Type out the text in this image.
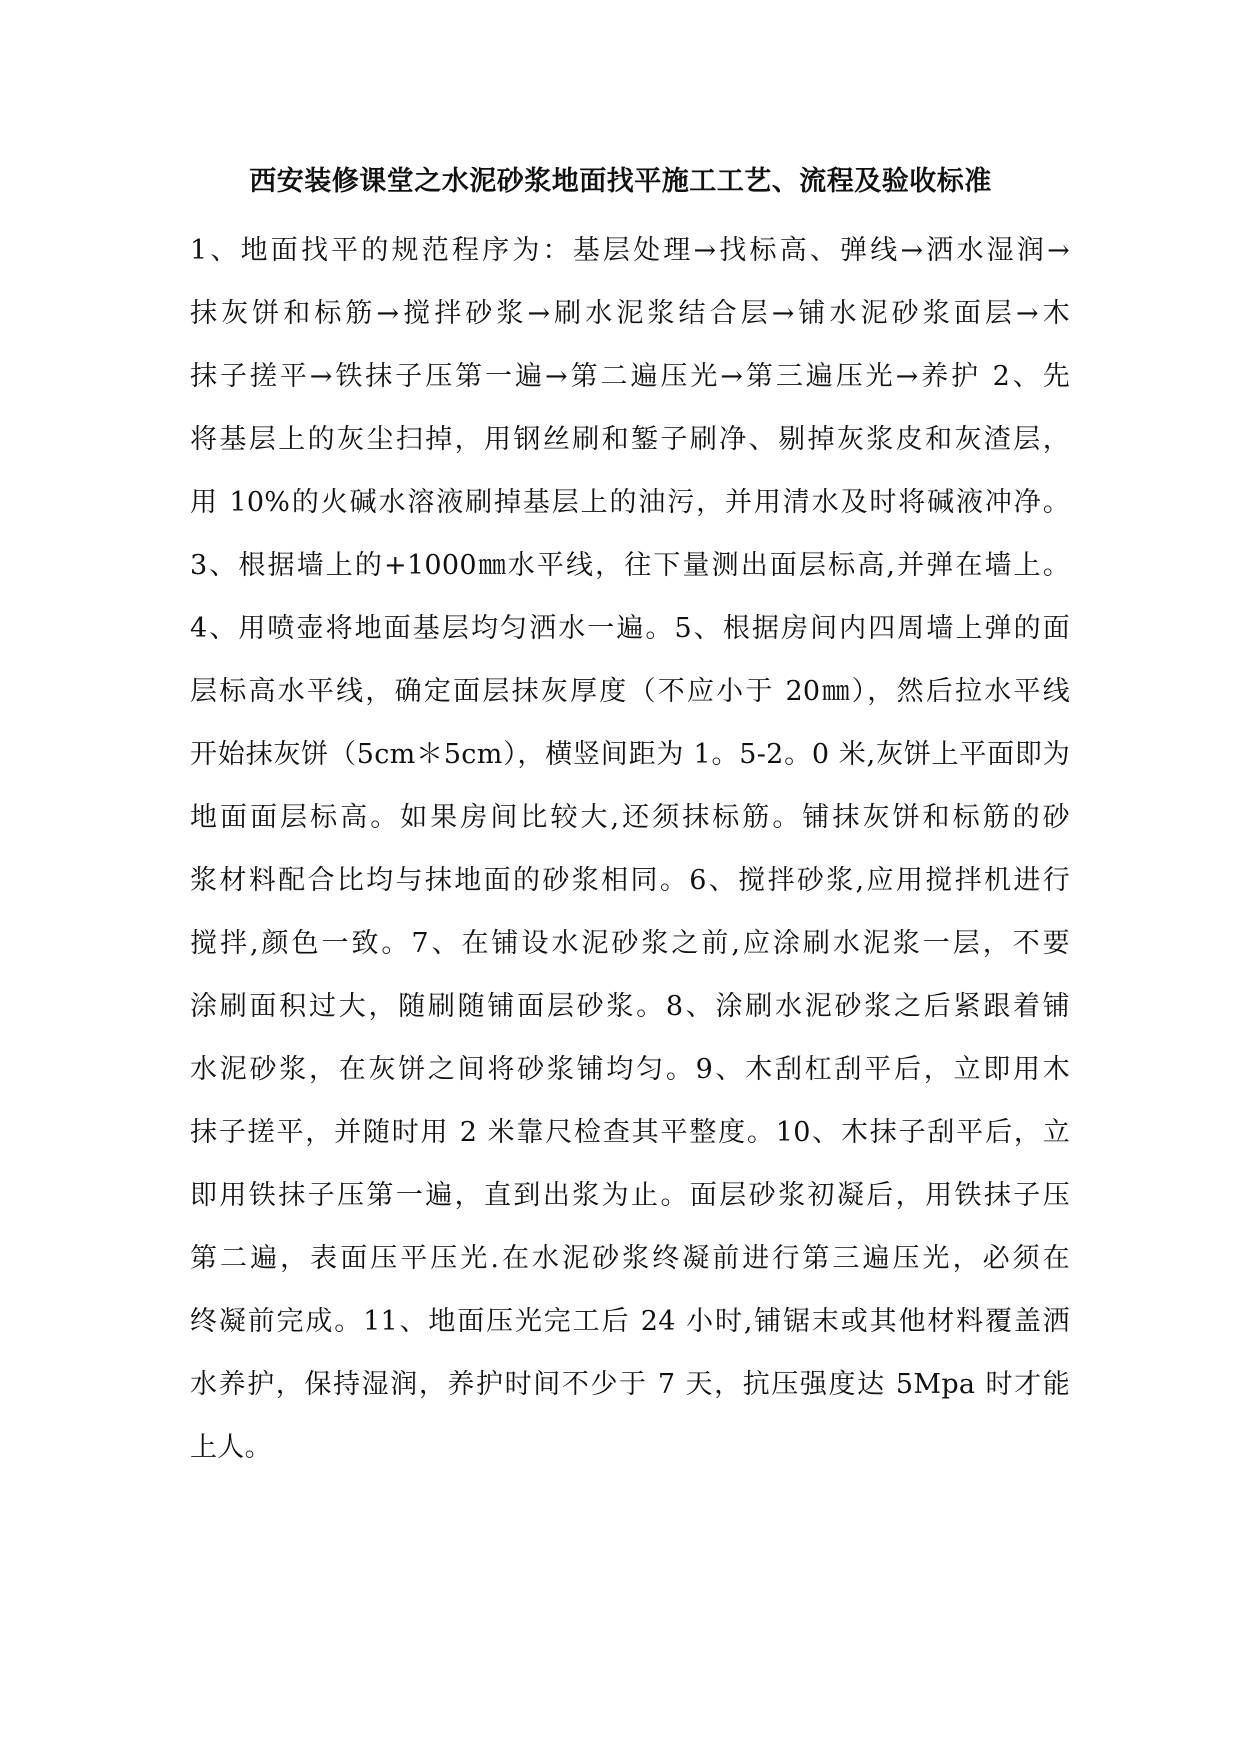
西安装修课堂之水泥砂浆地面找平施工工艺、流程及验收标准
1、地面找平的规范程序为：基层处理→找标高、弹线→洒水湿润→
抹灰饼和标筋→搅拌砂浆→刷水泥浆结合层→铺水泥砂浆面层→木
抹子搓平→铁抹子压第一遍→第二遍压光→第三遍压光→养护 2、先
将基层上的灰尘扫掉，用钢丝刷和錾子刷净、剔掉灰浆皮和灰渣层，
用 10%的火碱水溶液刷掉基层上的油污，并用清水及时将碱液冲净。
3、根据墙上的+1000㎜水平线，往下量测出面层标高,并弹在墙上。
4、用喷壶将地面基层均匀洒水一遍。5、根据房间内四周墙上弹的面
层标高水平线，确定面层抹灰厚度（不应小于 20㎜），然后拉水平线
开始抹灰饼（5cm＊5cm），横竖间距为 1。5-2。0 米,灰饼上平面即为
地面面层标高。如果房间比较大,还须抹标筋。铺抹灰饼和标筋的砂
浆材料配合比均与抹地面的砂浆相同。6、搅拌砂浆,应用搅拌机进行
搅拌,颜色一致。7、在铺设水泥砂浆之前,应涂刷水泥浆一层，不要
涂刷面积过大，随刷随铺面层砂浆。8、涂刷水泥砂浆之后紧跟着铺
水泥砂浆，在灰饼之间将砂浆铺均匀。9、木刮杠刮平后，立即用木
抹子搓平，并随时用 2 米靠尺检查其平整度。10、木抹子刮平后，立
即用铁抹子压第一遍，直到出浆为止。面层砂浆初凝后，用铁抹子压
第二遍，表面压平压光.在水泥砂浆终凝前进行第三遍压光，必须在
终凝前完成。11、地面压光完工后 24 小时,铺锯末或其他材料覆盖洒
水养护，保持湿润，养护时间不少于 7 天，抗压强度达 5Mpa 时才能
上人。
